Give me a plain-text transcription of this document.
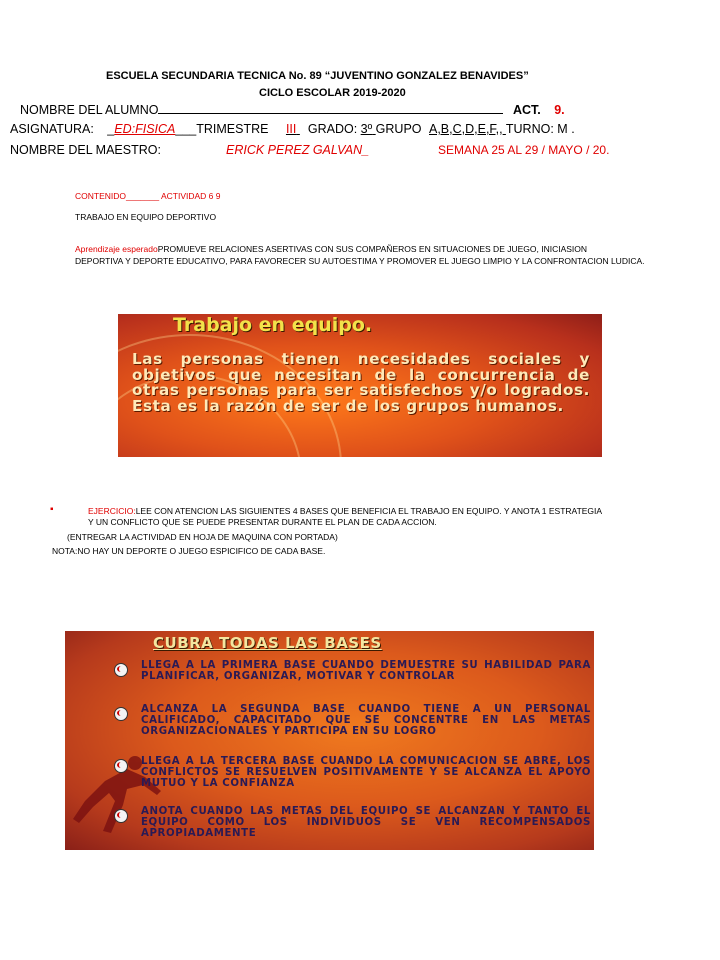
ESCUELA SECUNDARIA TECNICA No. 89 “JUVENTINO GONZALEZ BENAVIDES”
CICLO ESCOLAR 2019-2020
NOMBRE DEL ALUMNO	ACT. 9.
ASIGNATURA: _ED:FISICA___TRIMESTRE III GRADO: 3º GRUPO A,B,C,D,E,F,, TURNO: M .
NOMBRE DEL MAESTRO:	ERICK PEREZ GALVAN_	SEMANA 25 AL 29 / MAYO / 20.
CONTENIDO_______ ACTIVIDAD 6 9
TRABAJO EN EQUIPO DEPORTIVO
Aprendizaje esperadoPROMUEVE RELACIONES ASERTIVAS CON SUS COMPAÑEROS EN SITUACIONES DE JUEGO, INICIASION
DEPORTIVA Y DEPORTE EDUCATIVO, PARA FAVORECER SU AUTOESTIMA Y PROMOVER EL JUEGO LIMPIO Y LA CONFRONTACION LUDICA.
Trabajo en equipo.
Las personas tienen necesidades sociales y objetivos que necesitan de la concurrencia de otras personas para ser satisfechos y/o logrados. Esta es la razón de ser de los grupos humanos.
▪	EJERCICIO:LEE CON ATENCION LAS SIGUIENTES 4 BASES QUE BENEFICIA EL TRABAJO EN EQUIPO. Y ANOTA 1 ESTRATEGIA
Y UN CONFLICTO QUE SE PUEDE PRESENTAR DURANTE EL PLAN DE CADA ACCION.
(ENTREGAR LA ACTIVIDAD EN HOJA DE MAQUINA CON PORTADA)
NOTA:NO HAY UN DEPORTE O JUEGO ESPICIFICO DE CADA BASE.
CUBRA TODAS LAS BASES
LLEGA A LA PRIMERA BASE CUANDO DEMUESTRE SU HABILIDAD PARA PLANIFICAR, ORGANIZAR, MOTIVAR Y CONTROLAR
ALCANZA LA SEGUNDA BASE CUANDO TIENE A UN PERSONAL CALIFICADO, CAPACITADO QUE SE CONCENTRE EN LAS METAS ORGANIZACIONALES Y PARTICIPA EN SU LOGRO
LLEGA A LA TERCERA BASE CUANDO LA COMUNICACION SE ABRE, LOS CONFLICTOS SE RESUELVEN POSITIVAMENTE Y SE ALCANZA EL APOYO MUTUO Y LA CONFIANZA
ANOTA CUANDO LAS METAS DEL EQUIPO SE ALCANZAN Y TANTO EL EQUIPO COMO LOS INDIVIDUOS SE VEN RECOMPENSADOS APROPIADAMENTE
